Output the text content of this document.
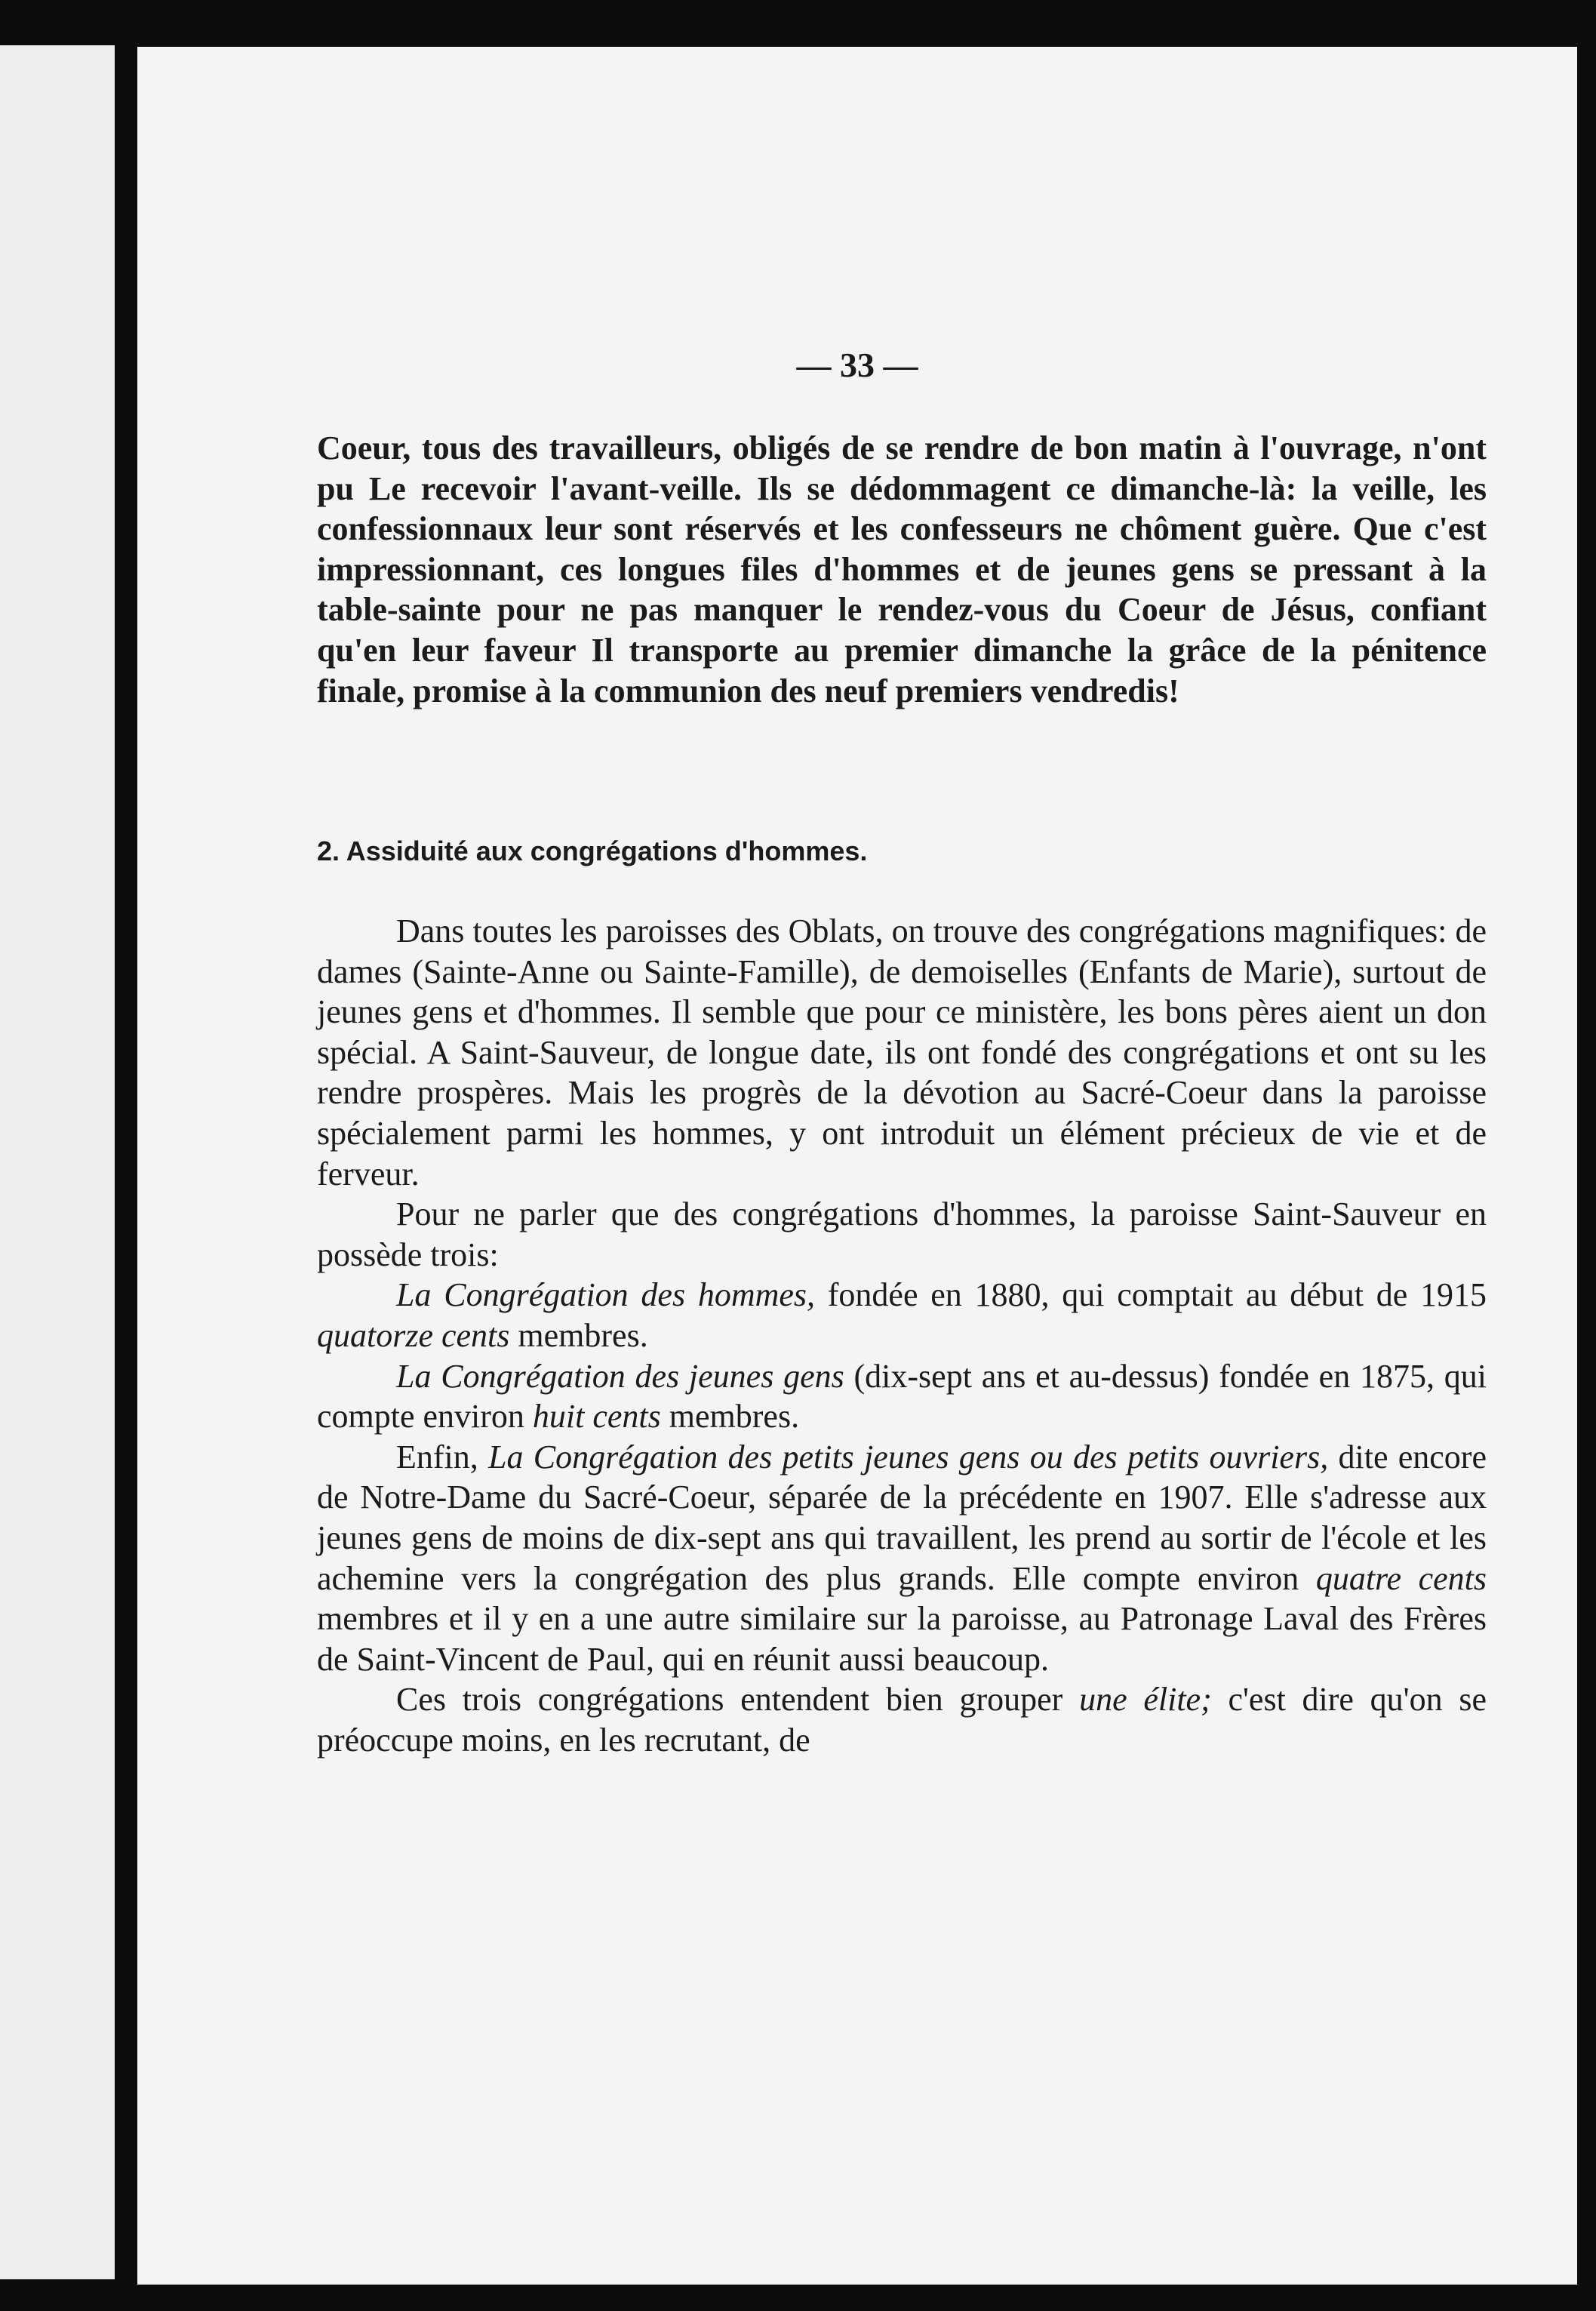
— 33 —

Coeur, tous des travailleurs, obligés de se rendre de bon matin à l'ouvrage, n'ont pu Le recevoir l'avant-veille. Ils se dédommagent ce dimanche-là: la veille, les confessionnaux leur sont réservés et les confesseurs ne chôment guère. Que c'est impressionnant, ces longues files d'hommes et de jeunes gens se pressant à la table-sainte pour ne pas manquer le rendez-vous du Coeur de Jésus, confiant qu'en leur faveur Il transporte au premier dimanche la grâce de la pénitence finale, promise à la communion des neuf premiers vendredis!

2. Assiduité aux congrégations d'hommes.

Dans toutes les paroisses des Oblats, on trouve des congrégations magnifiques: de dames (Sainte-Anne ou Sainte-Famille), de demoiselles (Enfants de Marie), surtout de jeunes gens et d'hommes. Il semble que pour ce ministère, les bons pères aient un don spécial. A Saint-Sauveur, de longue date, ils ont fondé des congrégations et ont su les rendre prospères. Mais les progrès de la dévotion au Sacré-Coeur dans la paroisse spécialement parmi les hommes, y ont introduit un élément précieux de vie et de ferveur.

Pour ne parler que des congrégations d'hommes, la paroisse Saint-Sauveur en possède trois:

La Congrégation des hommes, fondée en 1880, qui comptait au début de 1915 quatorze cents membres.

La Congrégation des jeunes gens (dix-sept ans et au-dessus) fondée en 1875, qui compte environ huit cents membres.

Enfin, La Congrégation des petits jeunes gens ou des petits ouvriers, dite encore de Notre-Dame du Sacré-Coeur, séparée de la précédente en 1907. Elle s'adresse aux jeunes gens de moins de dix-sept ans qui travaillent, les prend au sortir de l'école et les achemine vers la congrégation des plus grands. Elle compte environ quatre cents membres et il y en a une autre similaire sur la paroisse, au Patronage Laval des Frères de Saint-Vincent de Paul, qui en réunit aussi beaucoup.

Ces trois congrégations entendent bien grouper une élite; c'est dire qu'on se préoccupe moins, en les recrutant, de
